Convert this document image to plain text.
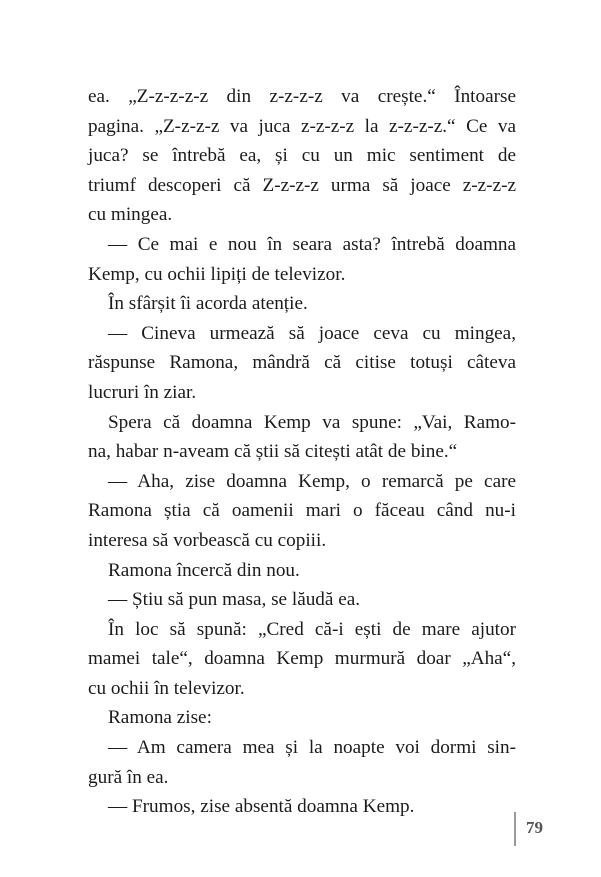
ea. „Z-z-z-z-z din z-z-z-z va crește.“ Întoarse
pagina. „Z-z-z-z va juca z-z-z-z la z-z-z-z.“ Ce va
juca? se întrebă ea, și cu un mic sentiment de
triumf descoperi că Z-z-z-z urma să joace z-z-z-z
cu mingea.
— Ce mai e nou în seara asta? întrebă doamna
Kemp, cu ochii lipiți de televizor.
În sfârșit îi acorda atenție.
— Cineva urmează să joace ceva cu mingea,
răspunse Ramona, mândră că citise totuși câteva
lucruri în ziar.
Spera că doamna Kemp va spune: „Vai, Ramo-
na, habar n-aveam că știi să citești atât de bine.“
— Aha, zise doamna Kemp, o remarcă pe care
Ramona știa că oamenii mari o făceau când nu-i
interesa să vorbească cu copiii.
Ramona încercă din nou.
— Știu să pun masa, se lăudă ea.
În loc să spună: „Cred că-i ești de mare ajutor
mamei tale“, doamna Kemp murmură doar „Aha“,
cu ochii în televizor.
Ramona zise:
— Am camera mea și la noapte voi dormi sin-
gură în ea.
— Frumos, zise absentă doamna Kemp.
79
